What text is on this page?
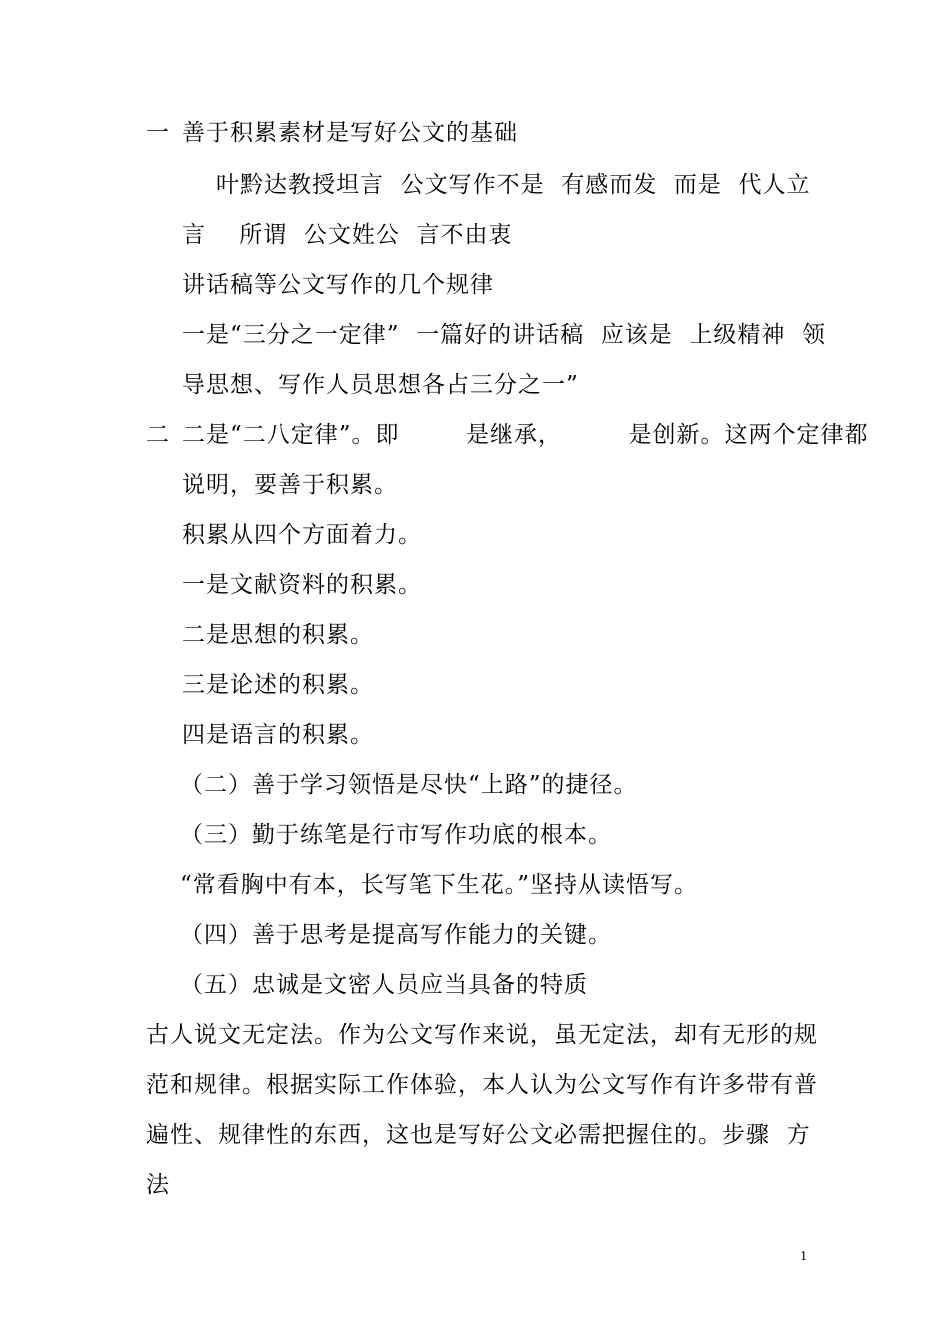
一 善于积累素材是写好公文的基础
叶黔达教授坦言  公文写作不是  有感而发  而是  代人立
言    所谓  公文姓公  言不由衷
讲话稿等公文写作的几个规律
一是“三分之一定律”  一篇好的讲话稿  应该是  上级精神  领
导思想、写作人员思想各占三分之一”
二 二是“二八定律”。即        是继承，        是创新。这两个定律都
说明，要善于积累。
积累从四个方面着力。
一是文献资料的积累。
二是思想的积累。
三是论述的积累。
四是语言的积累。
（二）善于学习领悟是尽快“上路”的捷径。
（三）勤于练笔是行市写作功底的根本。
“常看胸中有本，长写笔下生花。”坚持从读悟写。
（四）善于思考是提高写作能力的关键。
（五）忠诚是文密人员应当具备的特质
古人说文无定法。作为公文写作来说，虽无定法，却有无形的规
范和规律。根据实际工作体验，本人认为公文写作有许多带有普
遍性、规律性的东西，这也是写好公文必需把握住的。步骤  方
法
1
